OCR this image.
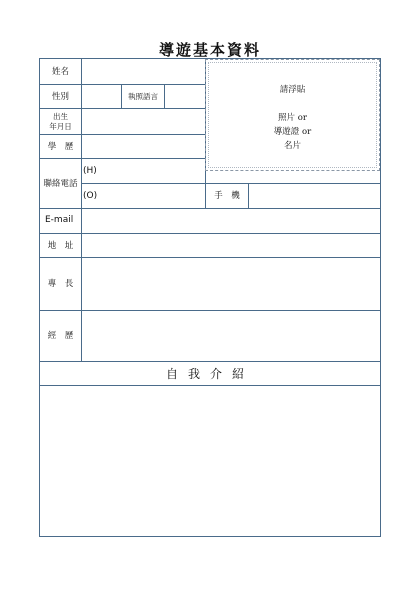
導遊基本資料
姓名
性別	執照語言
出生
年月日
學　歷
聯絡電話
(H)
(O)	手　機
E-mail
地　址
專　長
經　歷
請浮貼
照片 or
導遊證 or
名片
自我介紹
